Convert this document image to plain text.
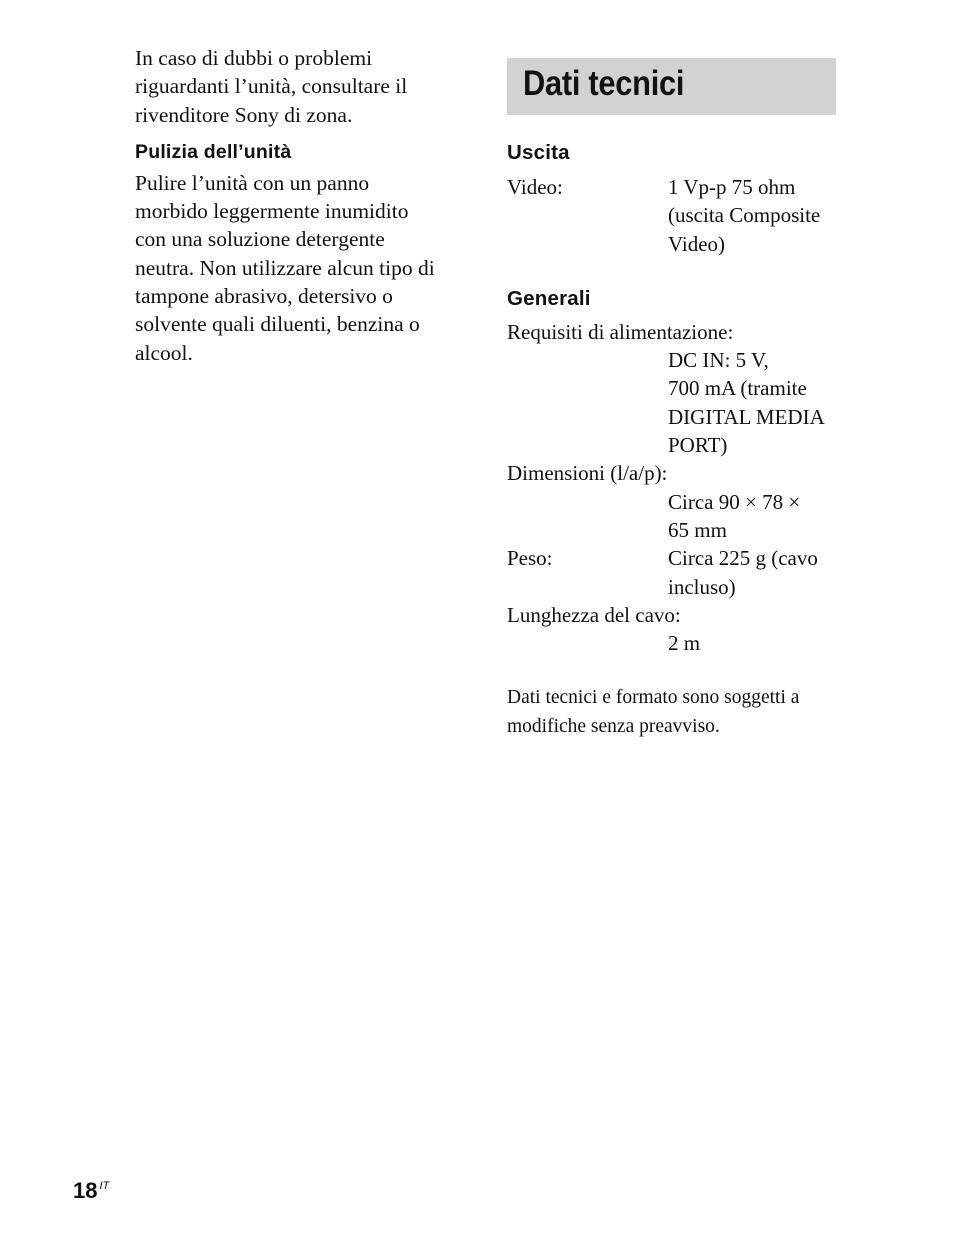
In caso di dubbi o problemi
riguardanti l’unità, consultare il
rivenditore Sony di zona.

Pulizia dell’unità

Pulire l’unità con un panno
morbido leggermente inumidito
con una soluzione detergente
neutra. Non utilizzare alcun tipo di
tampone abrasivo, detersivo o
solvente quali diluenti, benzina o
alcool.

Dati tecnici
Uscita
Video:	1 Vp-p 75 ohm
(uscita Composite
Video)
Generali
Requisiti di alimentazione:
DC IN: 5 V,
700 mA (tramite
DIGITAL MEDIA
PORT)
Dimensioni (l/a/p):
Circa 90 × 78 ×
65 mm
Peso:	Circa 225 g (cavo
incluso)
Lunghezza del cavo:
2 m
Dati tecnici e formato sono soggetti a
modifiche senza preavviso.
18 $^{IT}$
